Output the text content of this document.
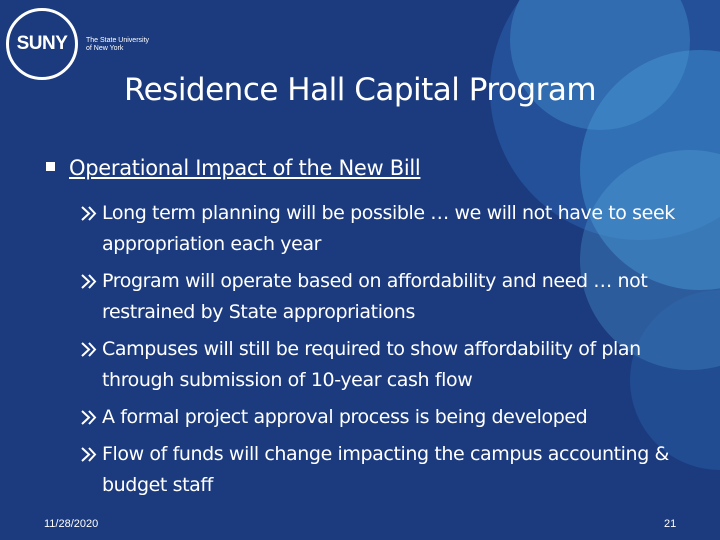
SUNY	The State University
of New York
Residence Hall Capital Program
Operational Impact of the New Bill
Long term planning will be possible … we will not have to seek appropriation each year
Program will operate based on affordability and need … not restrained by State appropriations
Campuses will still be required to show affordability of plan through submission of 10-year cash flow
A formal project approval process is being developed
Flow of funds will change impacting the campus accounting & budget staff
11/28/2020	21
